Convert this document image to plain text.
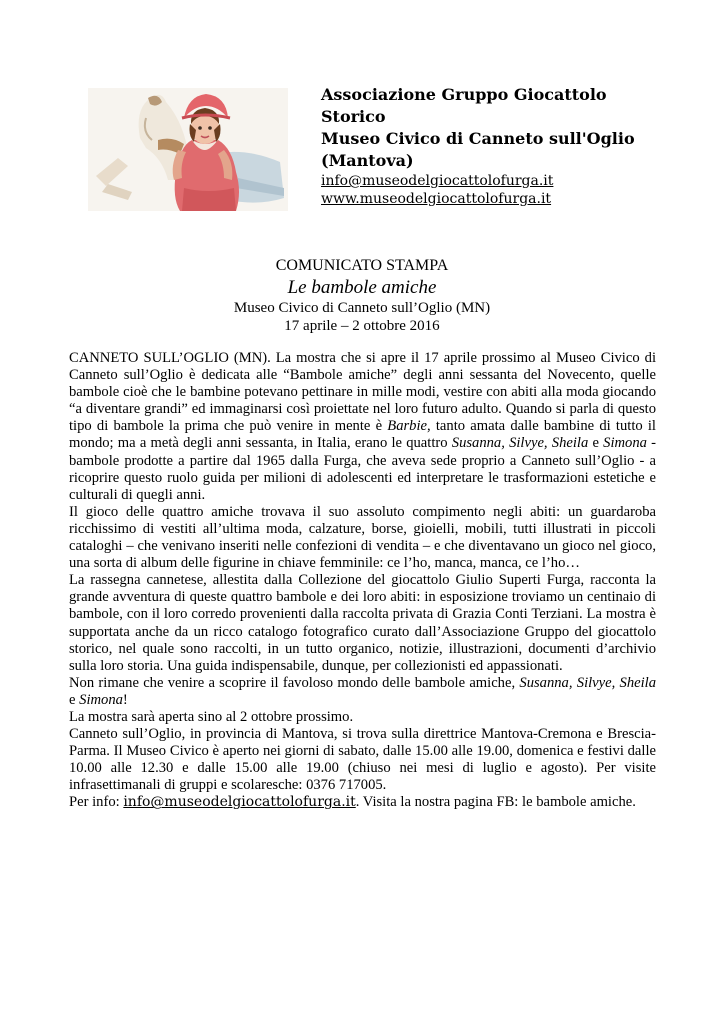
Associazione Gruppo Giocattolo Storico
Museo Civico di Canneto sull'Oglio
(Mantova)
info@museodelgiocattolofurga.it
www.museodelgiocattolofurga.it
COMUNICATO STAMPA
Le bambole amiche
Museo Civico di Canneto sull’Oglio (MN)
17 aprile – 2 ottobre 2016

CANNETO SULL’OGLIO (MN). La mostra che si apre il 17 aprile prossimo al Museo Civico di Canneto sull’Oglio è dedicata alle “Bambole amiche” degli anni sessanta del Novecento, quelle bambole cioè che le bambine potevano pettinare in mille modi, vestire con abiti alla moda giocando “a diventare grandi” ed immaginarsi così proiettate nel loro futuro adulto. Quando si parla di questo tipo di bambole la prima che può venire in mente è Barbie, tanto amata dalle bambine di tutto il mondo; ma a metà degli anni sessanta, in Italia, erano le quattro Susanna, Silvye, Sheila e Simona - bambole prodotte a partire dal 1965 dalla Furga, che aveva sede proprio a Canneto sull’Oglio - a ricoprire questo ruolo guida per milioni di adolescenti ed interpretare le trasformazioni estetiche e culturali di quegli anni.

Il gioco delle quattro amiche trovava il suo assoluto compimento negli abiti: un guardaroba ricchissimo di vestiti all’ultima moda, calzature, borse, gioielli, mobili, tutti illustrati in piccoli cataloghi – che venivano inseriti nelle confezioni di vendita – e che diventavano un gioco nel gioco, una sorta di album delle figurine in chiave femminile: ce l’ho, manca, manca, ce l’ho…

La rassegna cannetese, allestita dalla Collezione del giocattolo Giulio Superti Furga, racconta la grande avventura di queste quattro bambole e dei loro abiti: in esposizione troviamo un centinaio di bambole, con il loro corredo provenienti dalla raccolta privata di Grazia Conti Terziani. La mostra è supportata anche da un ricco catalogo fotografico curato dall’Associazione Gruppo del giocattolo storico, nel quale sono raccolti, in un tutto organico, notizie, illustrazioni, documenti d’archivio sulla loro storia. Una guida indispensabile, dunque, per collezionisti ed appassionati.

Non rimane che venire a scoprire il favoloso mondo delle bambole amiche, Susanna, Silvye, Sheila e Simona!

La mostra sarà aperta sino al 2 ottobre prossimo.

Canneto sull’Oglio, in provincia di Mantova, si trova sulla direttrice Mantova-Cremona e Brescia-Parma. Il Museo Civico è aperto nei giorni di sabato, dalle 15.00 alle 19.00, domenica e festivi dalle 10.00 alle 12.30 e dalle 15.00 alle 19.00 (chiuso nei mesi di luglio e agosto). Per visite infrasettimanali di gruppi e scolaresche: 0376 717005.

Per info: info@museodelgiocattolofurga.it. Visita la nostra pagina FB: le bambole amiche.
